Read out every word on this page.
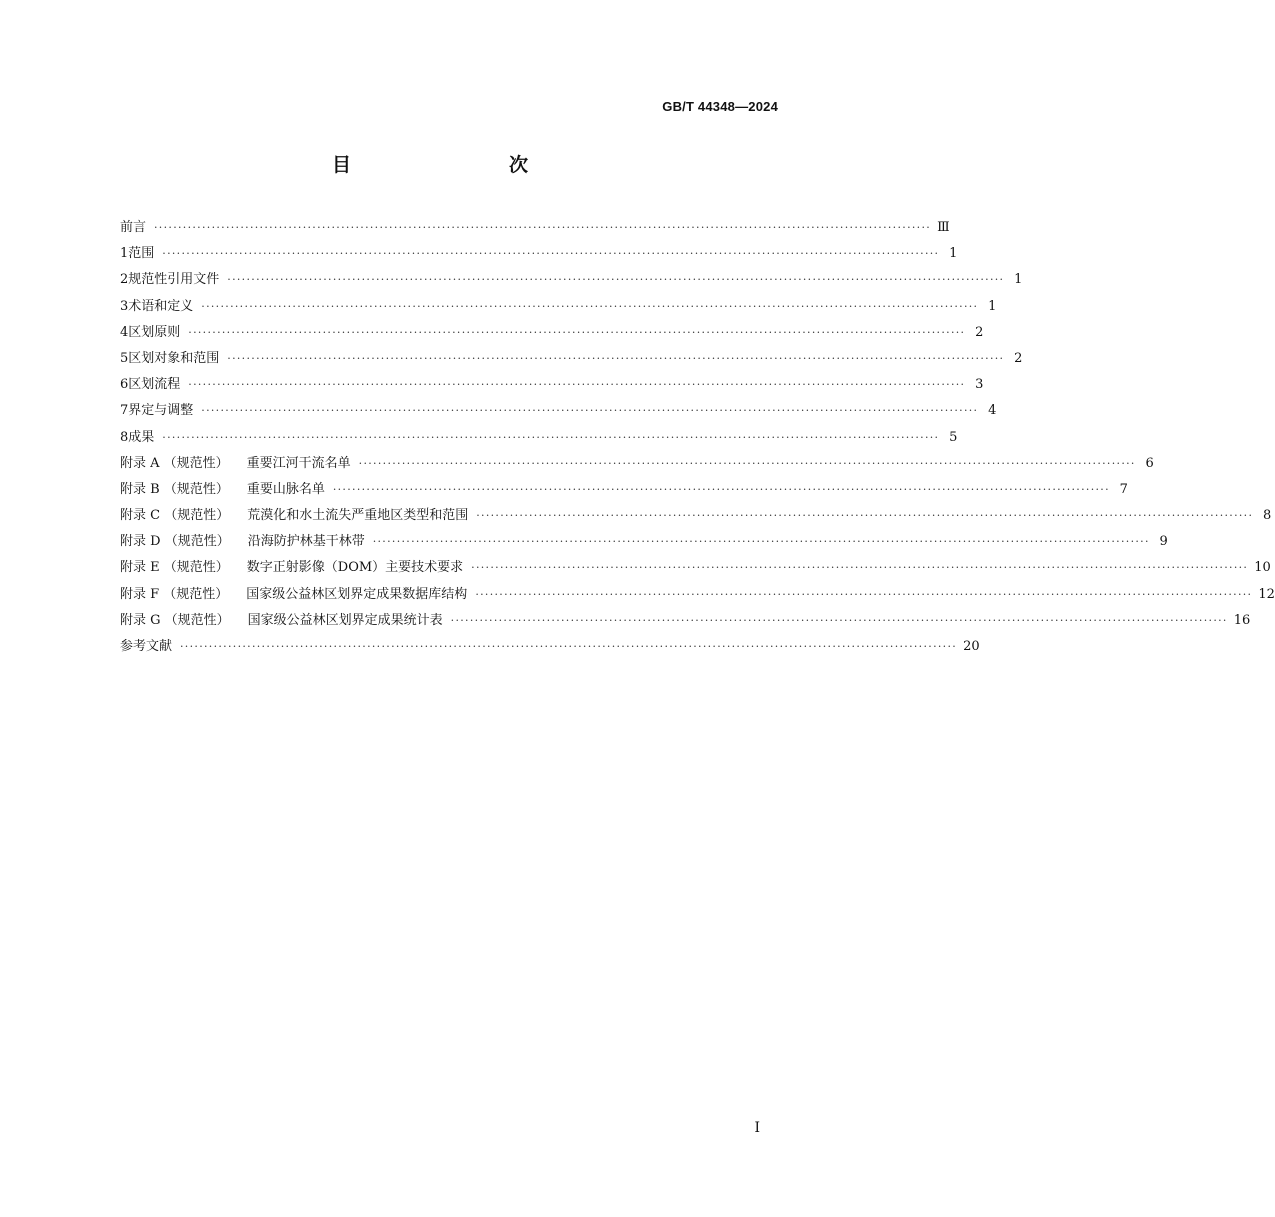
GB/T 44348—2024
目　　次
前言 ·································································································································································· Ⅲ
1 范围 ·································································································································································· 1
2 规范性引用文件 ·································································································································································· 1
3 术语和定义 ·································································································································································· 1
4 区划原则 ·································································································································································· 2
5 区划对象和范围 ·································································································································································· 2
6 区划流程 ·································································································································································· 3
7 界定与调整 ·································································································································································· 4
8 成果 ·································································································································································· 5
附录 A （规范性） 重要江河干流名单 ·································································································································································· 6
附录 B （规范性） 重要山脉名单 ·································································································································································· 7
附录 C （规范性） 荒漠化和水土流失严重地区类型和范围 ·································································································································································· 8
附录 D （规范性） 沿海防护林基干林带 ·································································································································································· 9
附录 E （规范性） 数字正射影像（DOM）主要技术要求 ·································································································································································· 10
附录 F （规范性） 国家级公益林区划界定成果数据库结构 ·································································································································································· 12
附录 G （规范性） 国家级公益林区划界定成果统计表 ·································································································································································· 16
参考文献 ·································································································································································· 20
Ⅰ
